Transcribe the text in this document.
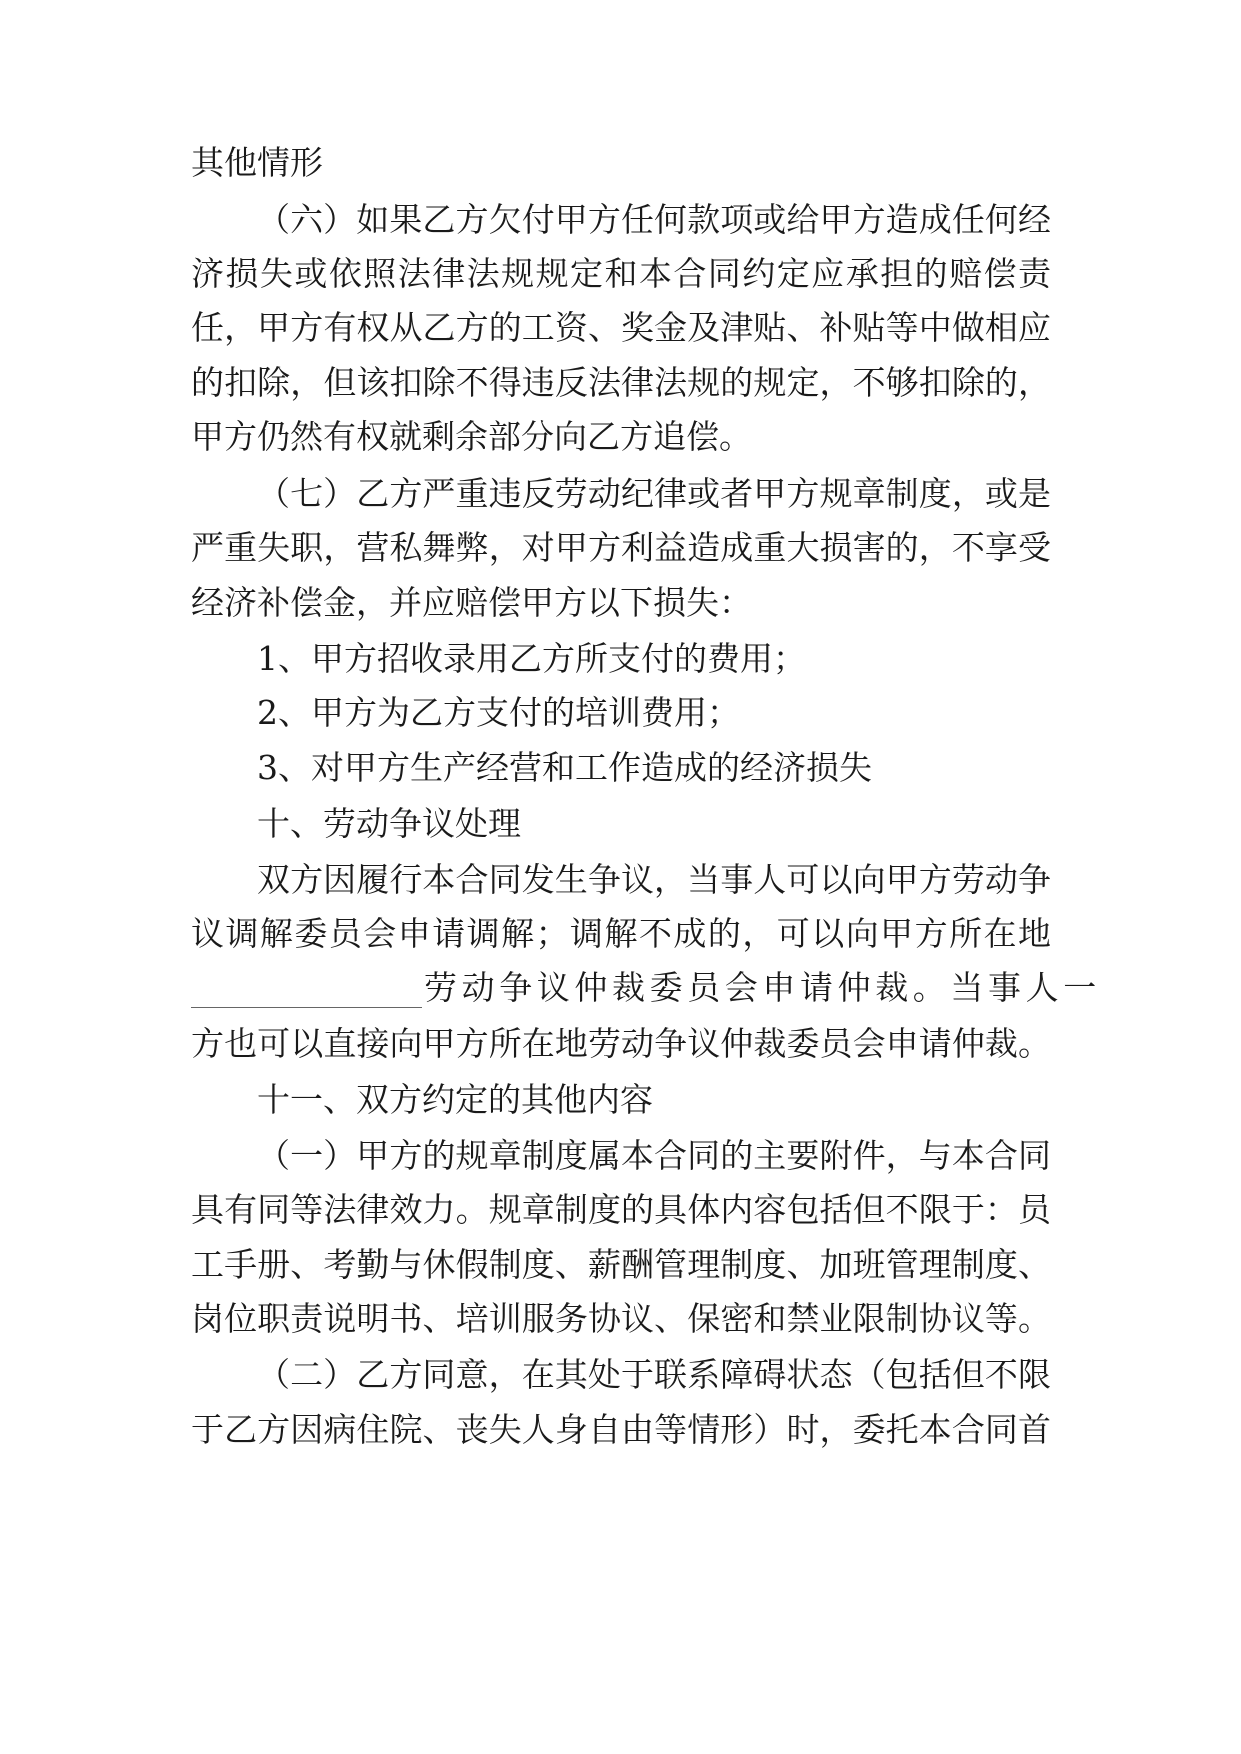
其他情形
（六）如果乙方欠付甲方任何款项或给甲方造成任何经
济损失或依照法律法规规定和本合同约定应承担的赔偿责
任，甲方有权从乙方的工资、奖金及津贴、补贴等中做相应
的扣除，但该扣除不得违反法律法规的规定，不够扣除的，
甲方仍然有权就剩余部分向乙方追偿。
（七）乙方严重违反劳动纪律或者甲方规章制度，或是
严重失职，营私舞弊，对甲方利益造成重大损害的，不享受
经济补偿金，并应赔偿甲方以下损失：
1、甲方招收录用乙方所支付的费用；
2、甲方为乙方支付的培训费用；
3、对甲方生产经营和工作造成的经济损失
十、劳动争议处理
双方因履行本合同发生争议，当事人可以向甲方劳动争
议调解委员会申请调解；调解不成的，可以向甲方所在地
劳动争议仲裁委员会申请仲裁。当事人一
方也可以直接向甲方所在地劳动争议仲裁委员会申请仲裁。
十一、双方约定的其他内容
（一）甲方的规章制度属本合同的主要附件，与本合同
具有同等法律效力。规章制度的具体内容包括但不限于：员
工手册、考勤与休假制度、薪酬管理制度、加班管理制度、
岗位职责说明书、培训服务协议、保密和禁业限制协议等。
（二）乙方同意，在其处于联系障碍状态（包括但不限
于乙方因病住院、丧失人身自由等情形）时，委托本合同首
